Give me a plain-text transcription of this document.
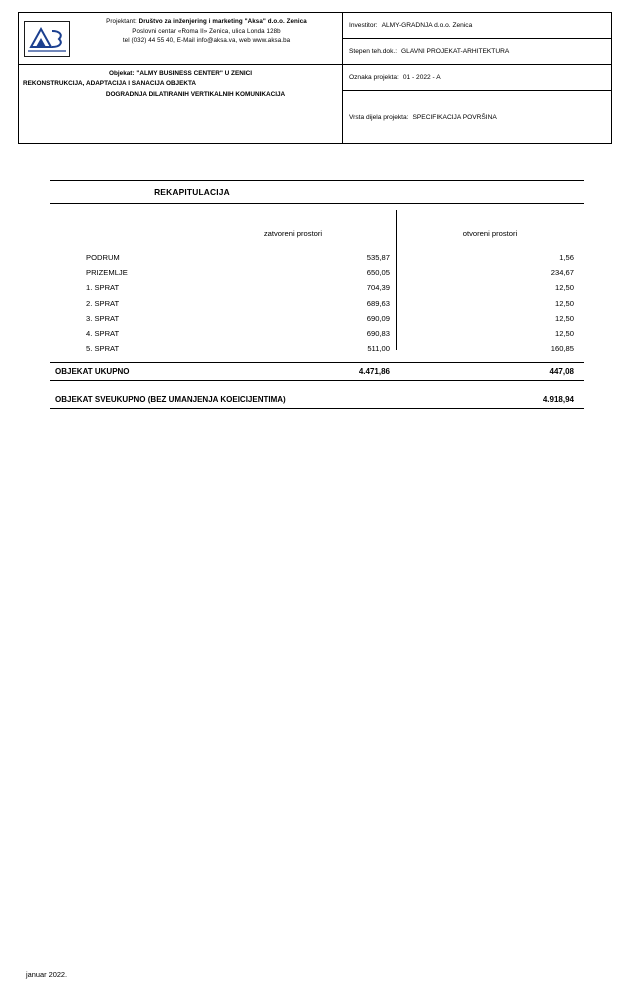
Projektant: Društvo za inženjering i marketing "Aksa" d.o.o. Zenica
Poslovni centar «Roma II» Zenica, ulica Londa 128b
tel (032) 44 55 40, E-Mail info@aksa.va, web www.aksa.ba
Objekat: "ALMY BUSINESS CENTER" U ZENICI
REKONSTRUKCIJA, ADAPTACIJA I SANACIJA OBJEKTA
DOGRADNJA DILATIRANIH VERTIKALNIH KOMUNIKACIJA
Investitor: ALMY-GRADNJA d.o.o. Zenica
Stepen teh.dok.: GLAVNI PROJEKAT-ARHITEKTURA
Oznaka projekta: 01 - 2022 - A
Vrsta dijela projekta: SPECIFIKACIJA POVRŠINA
REKAPITULACIJA
zatvoreni prostori	otvoreni prostori
PODRUM	535,87	1,56
PRIZEMLJE	650,05	234,67
1. SPRAT	704,39	12,50
2. SPRAT	689,63	12,50
3. SPRAT	690,09	12,50
4. SPRAT	690,83	12,50
5. SPRAT	511,00	160,85
OBJEKAT UKUPNO	4.471,86	447,08
OBJEKAT SVEUKUPNO (BEZ UMANJENJA KOEICIJENTIMA)	4.918,94
januar 2022.
